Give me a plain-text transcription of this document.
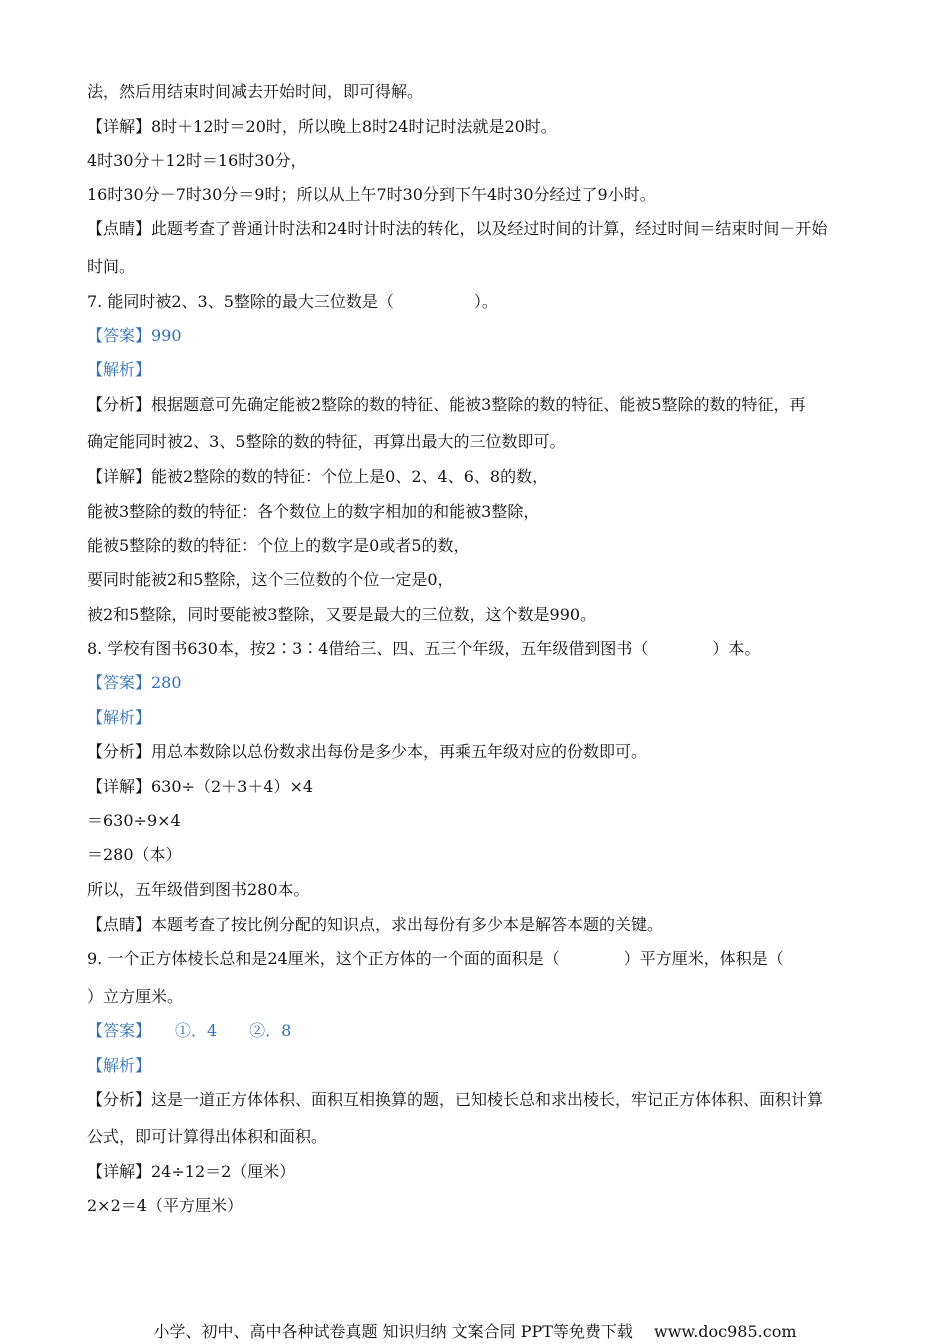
法，然后用结束时间减去开始时间，即可得解。
【详解】8时＋12时＝20时，所以晚上8时24时记时法就是20时。
4时30分＋12时＝16时30分，
16时30分－7时30分＝9时；所以从上午7时30分到下午4时30分经过了9小时。
【点睛】此题考查了普通计时法和24时计时法的转化，以及经过时间的计算，经过时间＝结束时间－开始
时间。
7. 能同时被2、3、5整除的最大三位数是（　　　　　）。
【答案】990
【解析】
【分析】根据题意可先确定能被2整除的数的特征、能被3整除的数的特征、能被5整除的数的特征，再
确定能同时被2、3、5整除的数的特征，再算出最大的三位数即可。
【详解】能被2整除的数的特征：个位上是0、2、4、6、8的数，
能被3整除的数的特征：各个数位上的数字相加的和能被3整除，
能被5整除的数的特征：个位上的数字是0或者5的数，
要同时能被2和5整除，这个三位数的个位一定是0，
被2和5整除，同时要能被3整除，又要是最大的三位数，这个数是990。
8. 学校有图书630本，按2∶3∶4借给三、四、五三个年级，五年级借到图书（　　　　）本。
【答案】280
【解析】
【分析】用总本数除以总份数求出每份是多少本，再乘五年级对应的份数即可。
【详解】630÷（2＋3＋4）×4
＝630÷9×4
＝280（本）
所以，五年级借到图书280本。
【点睛】本题考查了按比例分配的知识点，求出每份有多少本是解答本题的关键。
9. 一个正方体棱长总和是24厘米，这个正方体的一个面的面积是（　　　　）平方厘米，体积是（
）立方厘米。
【答案】　　①．4　　②．8
【解析】
【分析】这是一道正方体体积、面积互相换算的题，已知棱长总和求出棱长，牢记正方体体积、面积计算
公式，即可计算得出体积和面积。
【详解】24÷12＝2（厘米）
2×2＝4（平方厘米）
小学、初中、高中各种试卷真题 知识归纳 文案合同 PPT等免费下载　 www.doc985.com
